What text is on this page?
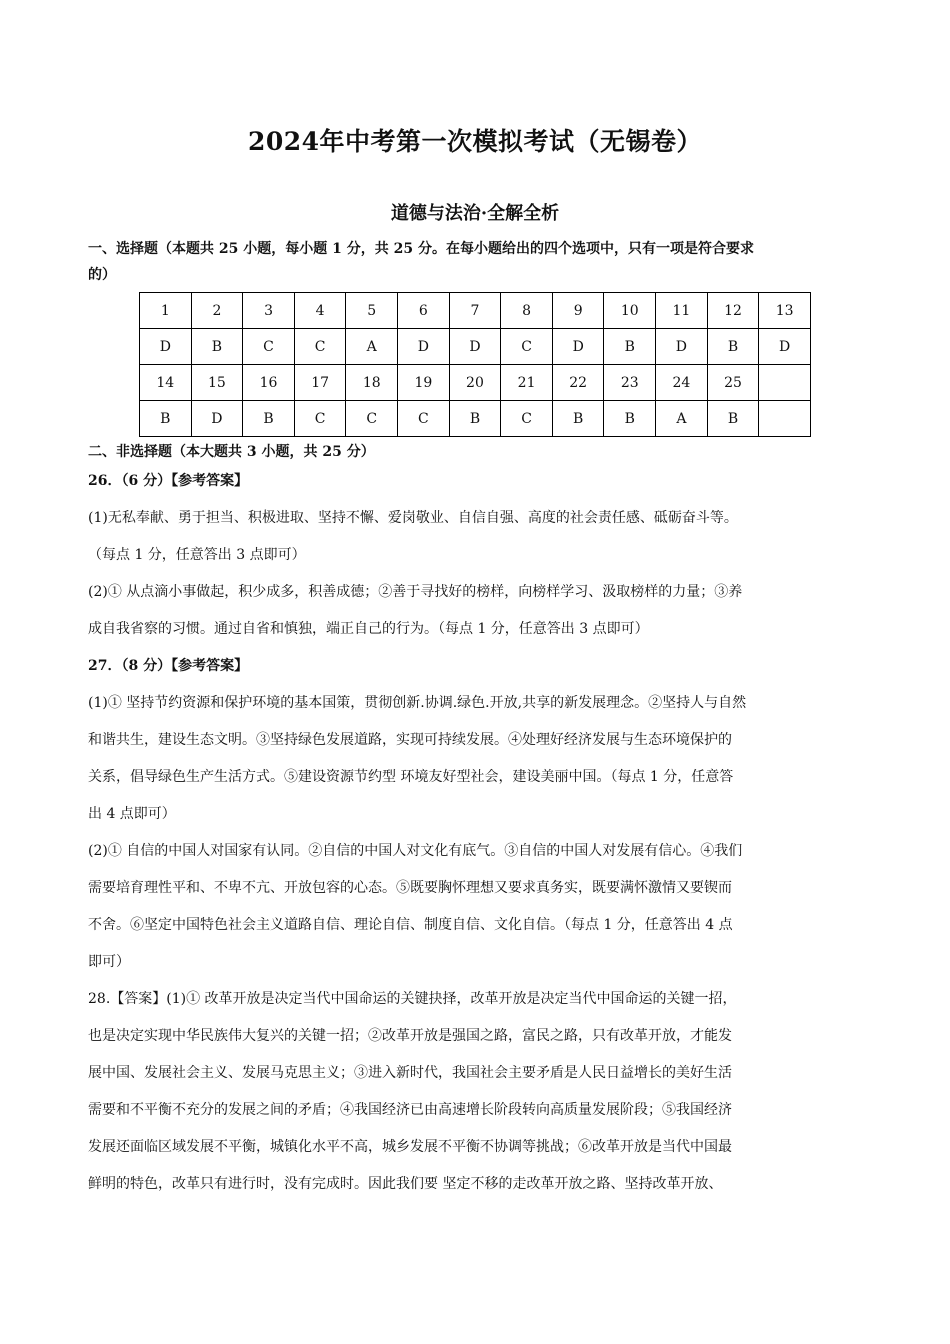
2024年中考第一次模拟考试（无锡卷）
道德与法治·全解全析
一、选择题（本题共 25 小题，每小题 1 分，共 25 分。在每小题给出的四个选项中，只有一项是符合要求
的）
1	2	3	4	5	6	7	8	9	10	11	12	13
D	B	C	C	A	D	D	C	D	B	D	B	D
14	15	16	17	18	19	20	21	22	23	24	25	
B	D	B	C	C	C	B	C	B	B	A	B	
二、非选择题（本大题共 3 小题，共 25 分）
26．（6 分）【参考答案】
(1)无私奉献、勇于担当、积极进取、坚持不懈、爱岗敬业、自信自强、高度的社会责任感、砥砺奋斗等。
（每点 1 分，任意答出 3 点即可）
(2)① 从点滴小事做起，积少成多，积善成德；②善于寻找好的榜样，向榜样学习、汲取榜样的力量；③养
成自我省察的习惯。通过自省和慎独，端正自己的行为。（每点 1 分，任意答出 3 点即可）
27．（8 分）【参考答案】
(1)① 坚持节约资源和保护环境的基本国策，贯彻创新.协调.绿色.开放,共享的新发展理念。②坚持人与自然
和谐共生，建设生态文明。③坚持绿色发展道路，实现可持续发展。④处理好经济发展与生态环境保护的
关系，倡导绿色生产生活方式。⑤建设资源节约型 环境友好型社会，建设美丽中国。（每点 1 分，任意答
出 4 点即可）
(2)① 自信的中国人对国家有认同。②自信的中国人对文化有底气。③自信的中国人对发展有信心。④我们
需要培育理性平和、不卑不亢、开放包容的心态。⑤既要胸怀理想又要求真务实，既要满怀激情又要锲而
不舍。⑥坚定中国特色社会主义道路自信、理论自信、制度自信、文化自信。（每点 1 分，任意答出 4 点
即可）
28.【答案】(1)① 改革开放是决定当代中国命运的关键抉择，改革开放是决定当代中国命运的关键一招，
也是决定实现中华民族伟大复兴的关键一招；②改革开放是强国之路，富民之路，只有改革开放，才能发
展中国、发展社会主义、发展马克思主义；③进入新时代，我国社会主要矛盾是人民日益增长的美好生活
需要和不平衡不充分的发展之间的矛盾；④我国经济已由高速增长阶段转向高质量发展阶段；⑤我国经济
发展还面临区域发展不平衡，城镇化水平不高，城乡发展不平衡不协调等挑战；⑥改革开放是当代中国最
鲜明的特色，改革只有进行时，没有完成时。因此我们要 坚定不移的走改革开放之路、坚持改革开放、
